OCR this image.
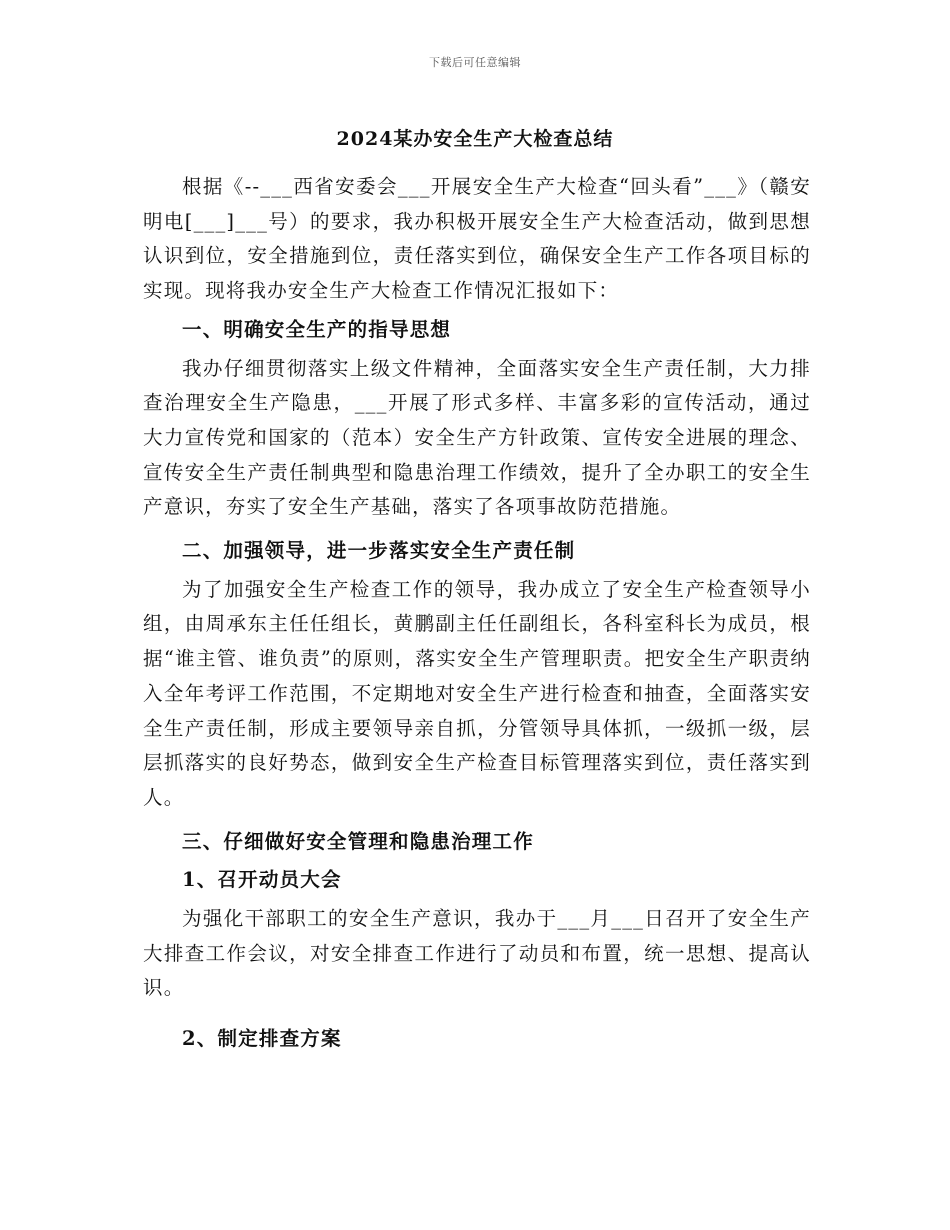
下载后可任意编辑
2024某办安全生产大检查总结

根据《--___西省安委会___开展安全生产大检查“回头看”___》（赣安明电[___]___号）的要求，我办积极开展安全生产大检查活动，做到思想认识到位，安全措施到位，责任落实到位，确保安全生产工作各项目标的实现。现将我办安全生产大检查工作情况汇报如下：

一、明确安全生产的指导思想

我办仔细贯彻落实上级文件精神，全面落实安全生产责任制，大力排查治理安全生产隐患，___开展了形式多样、丰富多彩的宣传活动，通过大力宣传党和国家的（范本）安全生产方针政策、宣传安全进展的理念、宣传安全生产责任制典型和隐患治理工作绩效，提升了全办职工的安全生产意识，夯实了安全生产基础，落实了各项事故防范措施。

二、加强领导，进一步落实安全生产责任制

为了加强安全生产检查工作的领导，我办成立了安全生产检查领导小组，由周承东主任任组长，黄鹏副主任任副组长，各科室科长为成员，根据“谁主管、谁负责”的原则，落实安全生产管理职责。把安全生产职责纳入全年考评工作范围，不定期地对安全生产进行检查和抽查，全面落实安全生产责任制，形成主要领导亲自抓，分管领导具体抓，一级抓一级，层层抓落实的良好势态，做到安全生产检查目标管理落实到位，责任落实到人。

三、仔细做好安全管理和隐患治理工作

1、召开动员大会

为强化干部职工的安全生产意识，我办于___月___日召开了安全生产大排查工作会议，对安全排查工作进行了动员和布置，统一思想、提高认识。

2、制定排查方案
